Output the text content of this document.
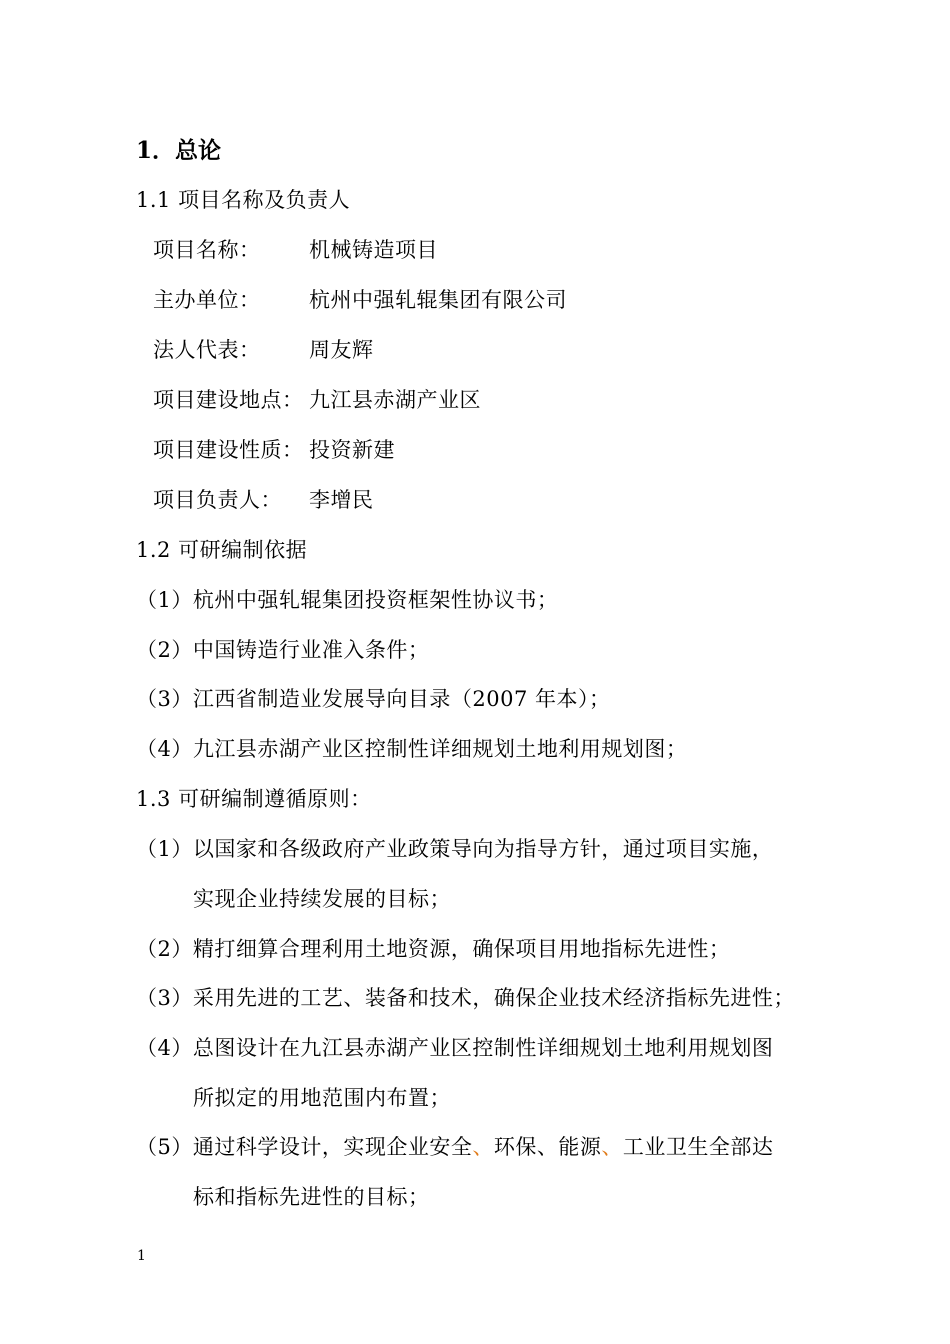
1．总论
1.1 项目名称及负责人
项目名称： 机械铸造项目
主办单位： 杭州中强轧辊集团有限公司
法人代表： 周友辉
项目建设地点： 九江县赤湖产业区
项目建设性质： 投资新建
项目负责人： 李增民
1.2 可研编制依据
（1）杭州中强轧辊集团投资框架性协议书；
（2）中国铸造行业准入条件；
（3）江西省制造业发展导向目录（2007 年本）；
（4）九江县赤湖产业区控制性详细规划土地利用规划图；
1.3 可研编制遵循原则：
（1）以国家和各级政府产业政策导向为指导方针，通过项目实施，
实现企业持续发展的目标；
（2）精打细算合理利用土地资源，确保项目用地指标先进性；
（3）采用先进的工艺、装备和技术，确保企业技术经济指标先进性；
（4）总图设计在九江县赤湖产业区控制性详细规划土地利用规划图
所拟定的用地范围内布置；
（5）通过科学设计，实现企业安全、环保、能源、工业卫生全部达
标和指标先进性的目标；
1
